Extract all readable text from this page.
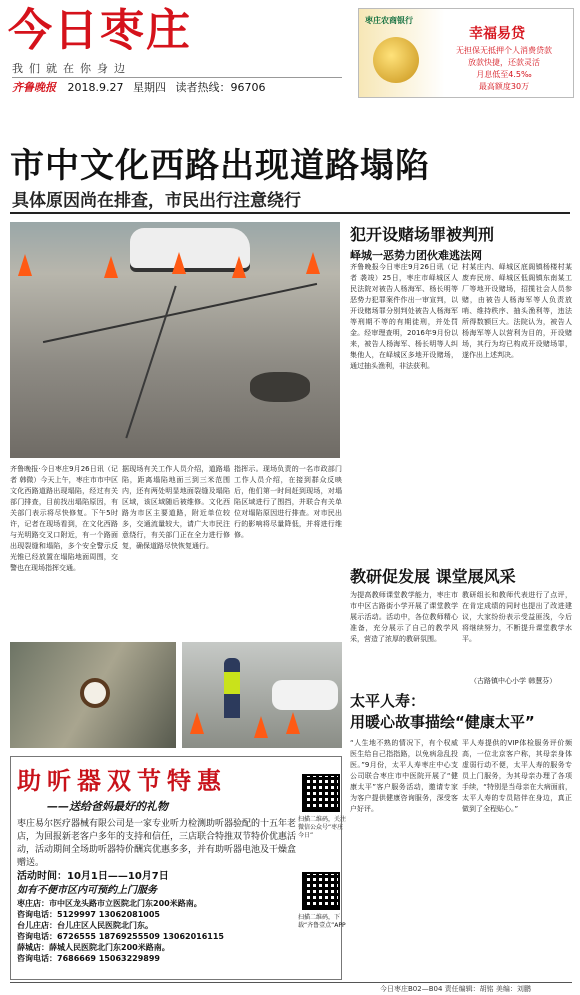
今日枣庄
我们就在你身边
齐鲁晚报 2018.9.27 星期四 读者热线：96706
枣庄农商银行
幸福易贷
无担保无抵押个人消费贷款
放款快捷，还款灵活
月息低至4.5‰
最高额度30万
市中文化西路出现道路塌陷
具体原因尚在排查，市民出行注意绕行
齐鲁晚报·今日枣庄9月26日讯（记者 韩微）今天上午，枣庄市市中区文化西路道路出现塌陷，经过有关部门排查，目前找出塌陷原因，有关部门表示将尽快修复。下午5时许，记者在现场看到，在文化西路与光明路交叉口附近，有一个路面出现裂缝和塌陷，多个安全警示反光锥已经放置在塌陷地面周围，交警也在现场指挥交通。
据现场有关工作人员介绍，道路塌陷，距离塌陷地面三到三米范围内，还有两处明显地面裂缝及塌陷区域，该区域随后被维修。文化西路为市区主要道路，附近单位较多，交通流量较大，请广大市民注意绕行，有关部门正在全力进行修复，确保道路尽快恢复通行。
指挥示。现场负责的一名市政部门工作人员介绍，在接到群众反映后，他们第一时间赶到现场，对塌陷区域进行了围挡，并联合有关单位对塌陷原因进行排查。对市民出行的影响将尽量降低，并将进行维修。
犯开设赌场罪被判刑
峄城一恶势力团伙难逃法网
齐鲁晚报今日枣庄9月26日讯（记者 袭竣）25日，枣庄市峄城区人民法院对被告人杨海军、杨长明等恶势力犯罪案件作出一审宣判，以开设赌场罪分别判处被告人杨海军等刑期不等的有期徒刑，并处罚金。经审理查明，2016年9月份以来，被告人杨海军、杨长明等人纠集他人，在峄城区多地开设赌场，通过抽头渔利，非法获利。
村某庄内、峄城区底阁镇杨楼村某废弃民房、峄城区低阁镇东南某工厂等地开设赌场，招揽社会人员参赌，由被告人杨海军等人负责放哨、维持秩序、抽头渔利等，违法所得数额巨大。法院认为，被告人杨海军等人以营利为目的，开设赌场，其行为均已构成开设赌场罪，遂作出上述判决。
教研促发展 课堂展风采
为提高教师课堂教学能力，枣庄市市中区古路街小学开展了课堂教学展示活动。活动中，各位教师精心准备，充分展示了自己的教学风采，营造了浓厚的教研氛围。
教研组长和教师代表进行了点评，在肯定成绩的同时也提出了改进建议，大家纷纷表示受益匪浅，今后将继续努力，不断提升课堂教学水平。
（古路镇中心小学 韩慧芬）
太平人寿：
用暖心故事描绘“健康太平”
“人生地不熟的情况下，有个权威医生给自己指指路，以免病急乱投医。”9月份，太平人寿枣庄中心支公司联合枣庄市中医院开展了“健康太平”客户服务活动，邀请专家为客户提供健康咨询服务，深受客户好评。
平人寿提供的VIP体检服务评价频高，一位北京客户称，其母亲身体虚弱行动不便，太平人寿的服务专员上门服务，为其母亲办理了各项手续，“特别是当母亲在大病面前，太平人寿的专员陪伴在身边，真正做到了全程贴心。”
助听器双节特惠
——送给爸妈最好的礼物
枣庄易尔医疗器械有限公司是一家专业听力检测助听器验配的十五年老店，为回报新老客户多年的支持和信任，三店联合特推双节特价优惠活动，活动期间全场助听器特价酬宾优惠多多，并有助听器电池及干燥盒赠送。
活动时间：10月1日——10月7日
如有不便市区内可预约上门服务
枣庄店：市中区龙头路市立医院北门东200米路南。
咨询电话：5129997 13062081005
台儿庄店：台儿庄区人民医院北门东。
咨询电话：6726555 18769255509 13062016115
薛城店：薛城人民医院北门东200米路南。
咨询电话：7686669 15063229899
扫描二维码，关注微信公众号“枣庄今日”
扫描二维码，下载“齐鲁壹点”APP
今日枣庄B02—B04 责任编辑：胡铭 美编：刘鹏
